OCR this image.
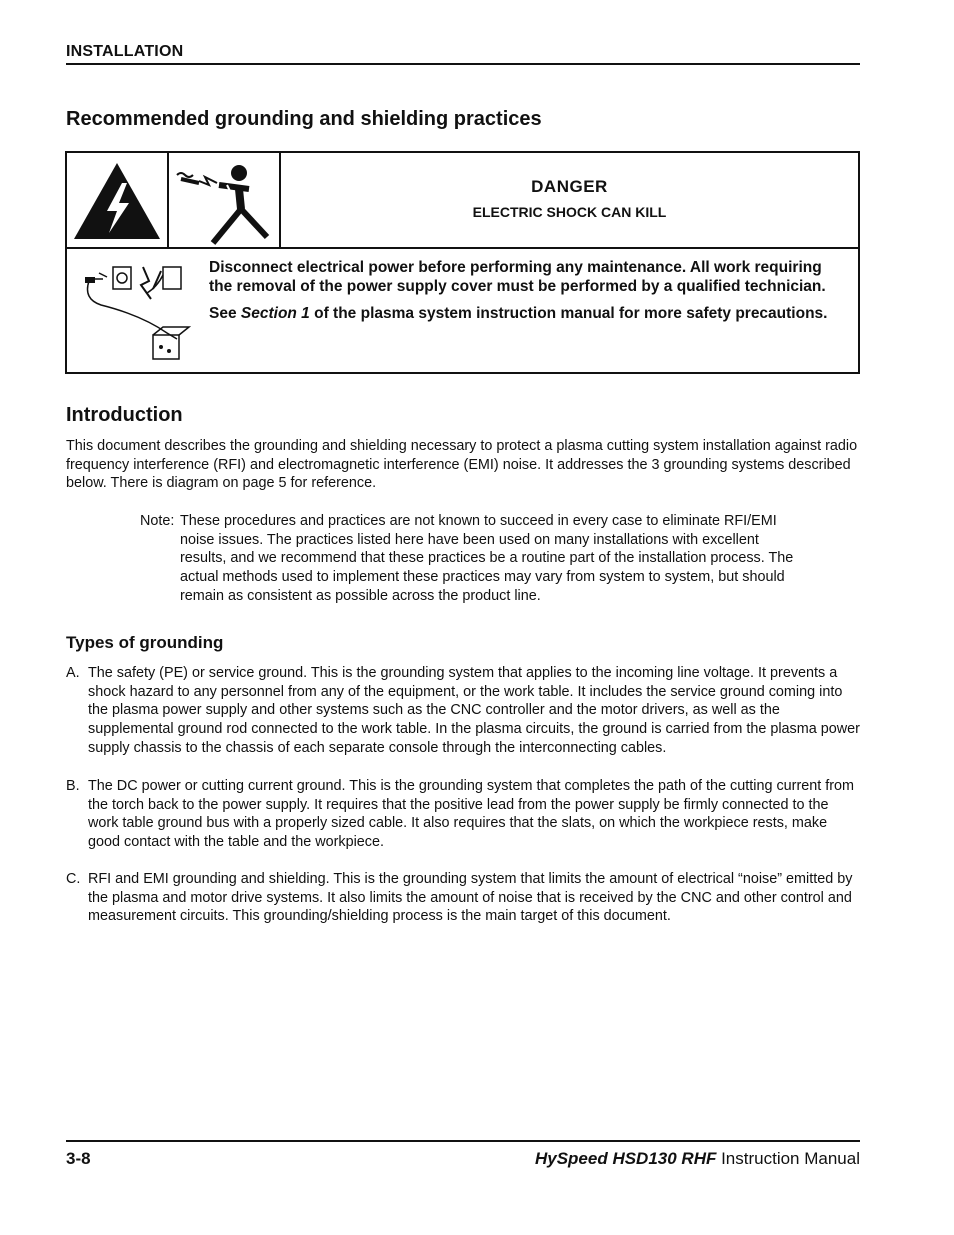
INSTALLATION
Recommended grounding and shielding practices
DANGER
ELECTRIC SHOCK CAN KILL

Disconnect electrical power before performing any maintenance. All work requiring the removal of the power supply cover must be performed by a qualified technician.

See Section 1 of the plasma system instruction manual for more safety precautions.

Introduction
This document describes the grounding and shielding necessary to protect a plasma cutting system installation against radio frequency interference (RFI) and electromagnetic interference (EMI) noise. It addresses the 3 grounding systems described below. There is diagram on page 5 for reference.
Note: These procedures and practices are not known to succeed in every case to eliminate RFI/EMI
noise issues. The practices listed here have been used on many installations with excellent
results, and we recommend that these practices be a routine part of the installation process. The
actual methods used to implement these practices may vary from system to system, but should
remain as consistent as possible across the product line.
Types of grounding
A. The safety (PE) or service ground. This is the grounding system that applies to the incoming line voltage. It prevents a shock hazard to any personnel from any of the equipment, or the work table. It includes the service ground coming into the plasma power supply and other systems such as the CNC controller and the motor drivers, as well as the supplemental ground rod connected to the work table. In the plasma circuits, the ground is carried from the plasma power supply chassis to the chassis of each separate console through the interconnecting cables.
B. The DC power or cutting current ground. This is the grounding system that completes the path of the cutting current from the torch back to the power supply. It requires that the positive lead from the power supply be firmly connected to the work table ground bus with a properly sized cable. It also requires that the slats, on which the workpiece rests, make good contact with the table and the workpiece.
C. RFI and EMI grounding and shielding. This is the grounding system that limits the amount of electrical “noise” emitted by the plasma and motor drive systems. It also limits the amount of noise that is received by the CNC and other control and measurement circuits. This grounding/shielding process is the main target of this document.
3-8	HySpeed HSD130 RHF Instruction Manual
